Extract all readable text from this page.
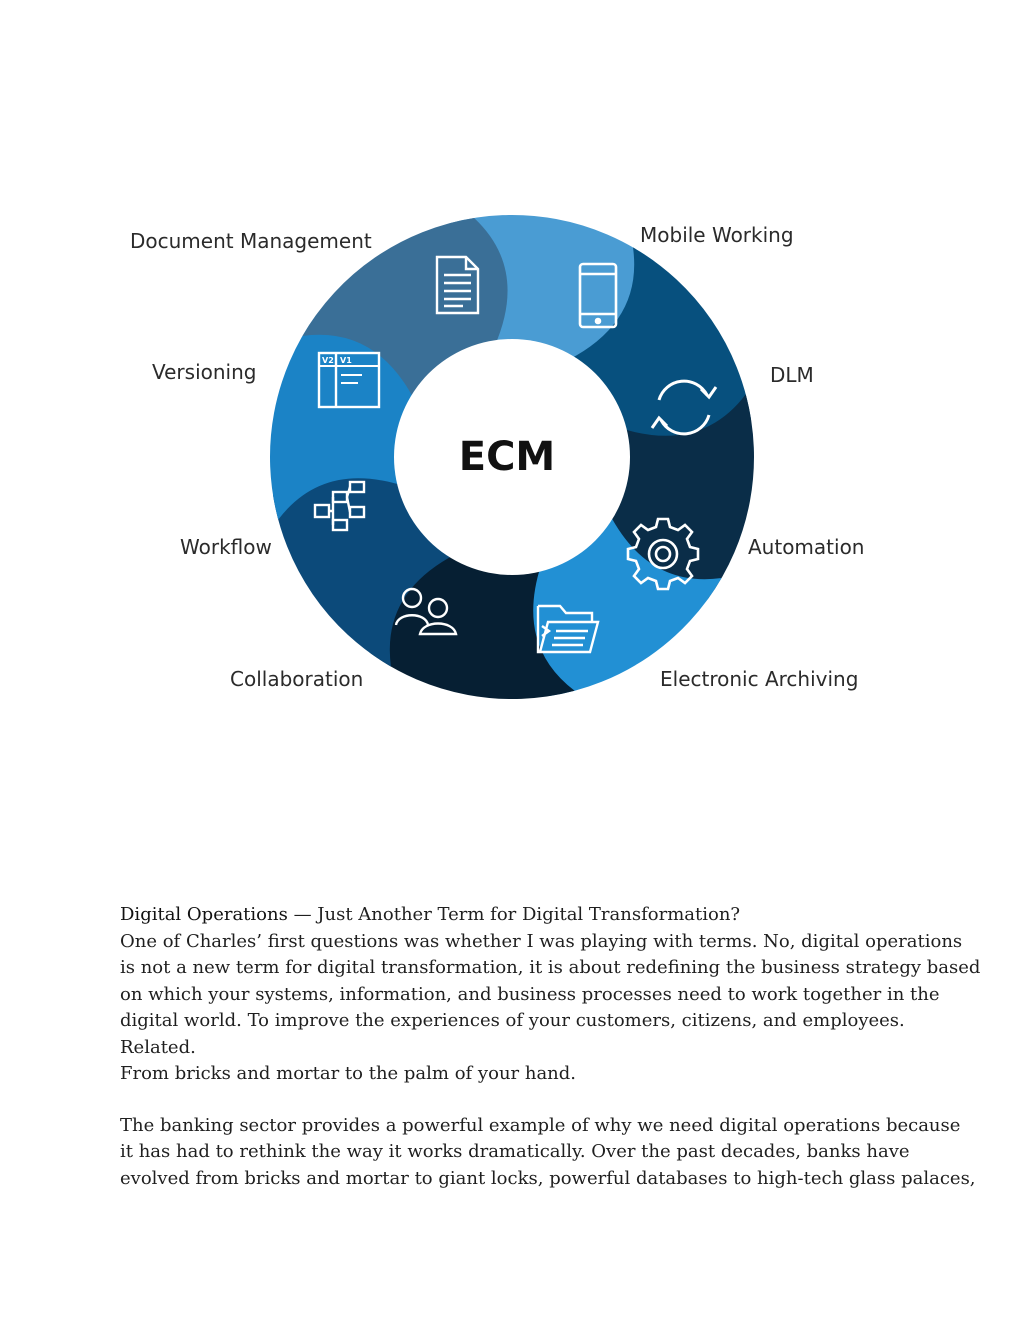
ECM
V2 V1
Document Management	Mobile Working
DLM
Automation
Electronic Archiving
Collaboration
Workflow
Versioning

Digital Operations — Just Another Term for Digital Transformation?

One of Charles’ first questions was whether I was playing with terms. No, digital operations

is not a new term for digital transformation, it is about redefining the business strategy based

on which your systems, information, and business processes need to work together in the

digital world. To improve the experiences of your customers, citizens, and employees.

Related.

From bricks and mortar to the palm of your hand.

The banking sector provides a powerful example of why we need digital operations because

it has had to rethink the way it works dramatically. Over the past decades, banks have

evolved from bricks and mortar to giant locks, powerful databases to high-tech glass palaces,
